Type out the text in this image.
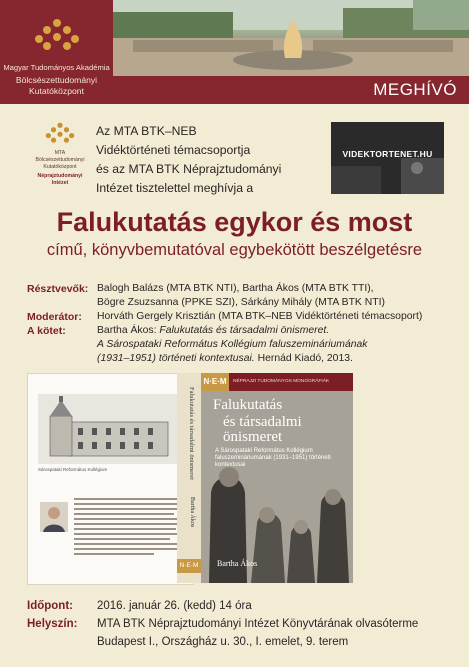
Magyar Tudományos Akadémia
Bölcsészettudományi
Kutatóközpont	MEGHÍVÓ
MTA
Bölcsészettudományi
Kutatóközpont
Néprajztudományi
Intézet
Az MTA BTK–NEB
Vidéktörténeti témacsoportja
és az MTA BTK Néprajztudományi
Intézet tisztelettel meghívja a
VIDEKTORTENET.HU
Falukutatás egykor és most
című, könyvbemutatóval egybekötött beszélgetésre
Résztvevők: Balogh Balázs (MTA BTK NTI), Bartha Ákos (MTA BTK TTI),
Bögre Zsuzsanna (PPKE SZI), Sárkány Mihály (MTA BTK NTI)
Moderátor: Horváth Gergely Krisztián (MTA BTK–NEB Vidéktörténeti témacsoport)
A kötet:	Bartha Ákos: Falukutatás és társadalmi önismeret.
A Sárospataki Református Kollégium faluszemináriumának
(1931–1951) történeti kontextusai. Hernád Kiadó, 2013.
Sárospataki Református Kollégium	Falukutatás és társadalmi önismeret
Bartha Ákos
N·E·M
N·E·M	NÉPRAJZI TUDOMÁNYOS MONOGRÁFIÁK
Falukutatás
és társadalmi
önismeret
A Sárospataki Református Kollégium faluszemináriumának (1931–1951) történeti kontextusai
Bartha Ákos
Időpont: 2016. január 26. (kedd) 14 óra
Helyszín: MTA BTK Néprajztudományi Intézet Könyvtárának olvasóterme
Budapest I., Országház u. 30., I. emelet, 9. terem
